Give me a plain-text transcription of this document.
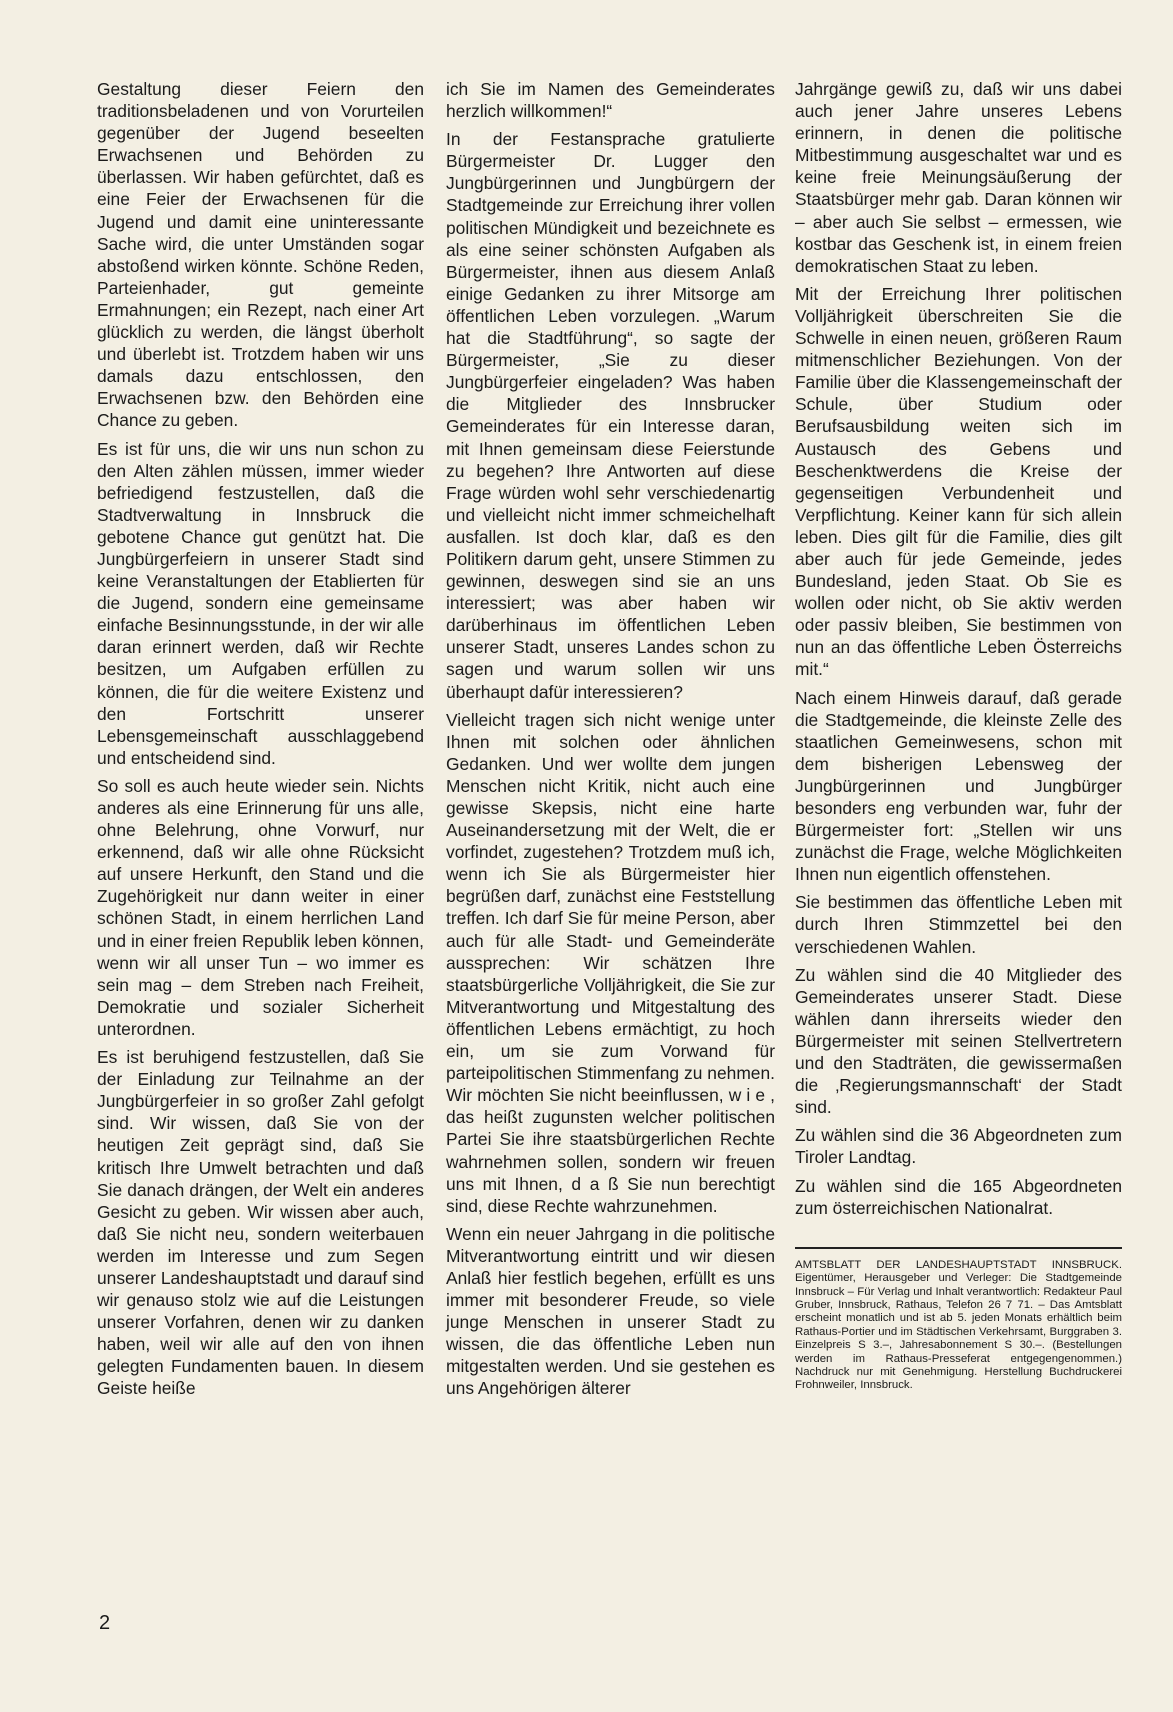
Gestaltung dieser Feiern den traditionsbeladenen und von Vorurteilen gegenüber der Jugend beseelten Erwachsenen und Behörden zu überlassen. Wir haben gefürchtet, daß es eine Feier der Erwachsenen für die Jugend und damit eine uninteressante Sache wird, die unter Umständen sogar abstoßend wirken könnte. Schöne Reden, Parteienhader, gut gemeinte Ermahnungen; ein Rezept, nach einer Art glücklich zu werden, die längst überholt und überlebt ist. Trotzdem haben wir uns damals dazu entschlossen, den Erwachsenen bzw. den Behörden eine Chance zu geben.

Es ist für uns, die wir uns nun schon zu den Alten zählen müssen, immer wieder befriedigend festzustellen, daß die Stadtverwaltung in Innsbruck die gebotene Chance gut genützt hat. Die Jungbürgerfeiern in unserer Stadt sind keine Veranstaltungen der Etablierten für die Jugend, sondern eine gemeinsame einfache Besinnungsstunde, in der wir alle daran erinnert werden, daß wir Rechte besitzen, um Aufgaben erfüllen zu können, die für die weitere Existenz und den Fortschritt unserer Lebensgemeinschaft ausschlaggebend und entscheidend sind.

So soll es auch heute wieder sein. Nichts anderes als eine Erinnerung für uns alle, ohne Belehrung, ohne Vorwurf, nur erkennend, daß wir alle ohne Rücksicht auf unsere Herkunft, den Stand und die Zugehörigkeit nur dann weiter in einer schönen Stadt, in einem herrlichen Land und in einer freien Republik leben können, wenn wir all unser Tun – wo immer es sein mag – dem Streben nach Freiheit, Demokratie und sozialer Sicherheit unterordnen.

Es ist beruhigend festzustellen, daß Sie der Einladung zur Teilnahme an der Jungbürgerfeier in so großer Zahl gefolgt sind. Wir wissen, daß Sie von der heutigen Zeit geprägt sind, daß Sie kritisch Ihre Umwelt betrachten und daß Sie danach drängen, der Welt ein anderes Gesicht zu geben. Wir wissen aber auch, daß Sie nicht neu, sondern weiterbauen werden im Interesse und zum Segen unserer Landeshauptstadt und darauf sind wir genauso stolz wie auf die Leistungen unserer Vorfahren, denen wir zu danken haben, weil wir alle auf den von ihnen gelegten Fundamenten bauen. In diesem Geiste heiße

ich Sie im Namen des Gemeinderates herzlich willkommen!“

In der Festansprache gratulierte Bürgermeister Dr. Lugger den Jungbürgerinnen und Jungbürgern der Stadtgemeinde zur Erreichung ihrer vollen politischen Mündigkeit und bezeichnete es als eine seiner schönsten Aufgaben als Bürgermeister, ihnen aus diesem Anlaß einige Gedanken zu ihrer Mitsorge am öffentlichen Leben vorzulegen. „Warum hat die Stadtführung“, so sagte der Bürgermeister, „Sie zu dieser Jungbürgerfeier eingeladen? Was haben die Mitglieder des Innsbrucker Gemeinderates für ein Interesse daran, mit Ihnen gemeinsam diese Feierstunde zu begehen? Ihre Antworten auf diese Frage würden wohl sehr verschiedenartig und vielleicht nicht immer schmeichelhaft ausfallen. Ist doch klar, daß es den Politikern darum geht, unsere Stimmen zu gewinnen, deswegen sind sie an uns interessiert; was aber haben wir darüberhinaus im öffentlichen Leben unserer Stadt, unseres Landes schon zu sagen und warum sollen wir uns überhaupt dafür interessieren?

Vielleicht tragen sich nicht wenige unter Ihnen mit solchen oder ähnlichen Gedanken. Und wer wollte dem jungen Menschen nicht Kritik, nicht auch eine gewisse Skepsis, nicht eine harte Auseinandersetzung mit der Welt, die er vorfindet, zugestehen? Trotzdem muß ich, wenn ich Sie als Bürgermeister hier begrüßen darf, zunächst eine Feststellung treffen. Ich darf Sie für meine Person, aber auch für alle Stadt- und Gemeinderäte aussprechen: Wir schätzen Ihre staatsbürgerliche Volljährigkeit, die Sie zur Mitverantwortung und Mitgestaltung des öffentlichen Lebens ermächtigt, zu hoch ein, um sie zum Vorwand für parteipolitischen Stimmenfang zu nehmen. Wir möchten Sie nicht beeinflussen, w i e , das heißt zugunsten welcher politischen Partei Sie ihre staatsbürgerlichen Rechte wahrnehmen sollen, sondern wir freuen uns mit Ihnen, d a ß Sie nun berechtigt sind, diese Rechte wahrzunehmen.

Wenn ein neuer Jahrgang in die politische Mitverantwortung eintritt und wir diesen Anlaß hier festlich begehen, erfüllt es uns immer mit besonderer Freude, so viele junge Menschen in unserer Stadt zu wissen, die das öffentliche Leben nun mitgestalten werden. Und sie gestehen es uns Angehörigen älterer

Jahrgänge gewiß zu, daß wir uns dabei auch jener Jahre unseres Lebens erinnern, in denen die politische Mitbestimmung ausgeschaltet war und es keine freie Meinungsäußerung der Staatsbürger mehr gab. Daran können wir – aber auch Sie selbst – ermessen, wie kostbar das Geschenk ist, in einem freien demokratischen Staat zu leben.

Mit der Erreichung Ihrer politischen Volljährigkeit überschreiten Sie die Schwelle in einen neuen, größeren Raum mitmenschlicher Beziehungen. Von der Familie über die Klassengemeinschaft der Schule, über Studium oder Berufsausbildung weiten sich im Austausch des Gebens und Beschenktwerdens die Kreise der gegenseitigen Verbundenheit und Verpflichtung. Keiner kann für sich allein leben. Dies gilt für die Familie, dies gilt aber auch für jede Gemeinde, jedes Bundesland, jeden Staat. Ob Sie es wollen oder nicht, ob Sie aktiv werden oder passiv bleiben, Sie bestimmen von nun an das öffentliche Leben Österreichs mit.“

Nach einem Hinweis darauf, daß gerade die Stadtgemeinde, die kleinste Zelle des staatlichen Gemeinwesens, schon mit dem bisherigen Lebensweg der Jungbürgerinnen und Jungbürger besonders eng verbunden war, fuhr der Bürgermeister fort: „Stellen wir uns zunächst die Frage, welche Möglichkeiten Ihnen nun eigentlich offenstehen.

Sie bestimmen das öffentliche Leben mit durch Ihren Stimmzettel bei den verschiedenen Wahlen.

Zu wählen sind die 40 Mitglieder des Gemeinderates unserer Stadt. Diese wählen dann ihrerseits wieder den Bürgermeister mit seinen Stellvertretern und den Stadträten, die gewissermaßen die ‚Regierungsmannschaft‘ der Stadt sind.

Zu wählen sind die 36 Abgeordneten zum Tiroler Landtag.

Zu wählen sind die 165 Abgeordneten zum österreichischen Nationalrat.

AMTSBLATT DER LANDESHAUPTSTADT INNSBRUCK. Eigentümer, Herausgeber und Verleger: Die Stadtgemeinde Innsbruck – Für Verlag und Inhalt verantwortlich: Redakteur Paul Gruber, Innsbruck, Rathaus, Telefon 26 7 71. – Das Amtsblatt erscheint monatlich und ist ab 5. jeden Monats erhältlich beim Rathaus-Portier und im Städtischen Verkehrsamt, Burggraben 3. Einzelpreis S 3.–, Jahresabonnement S 30.–. (Bestellungen werden im Rathaus-Presseferat entgegengenommen.) Nachdruck nur mit Genehmigung. Herstellung Buchdruckerei Frohnweiler, Innsbruck.
2
